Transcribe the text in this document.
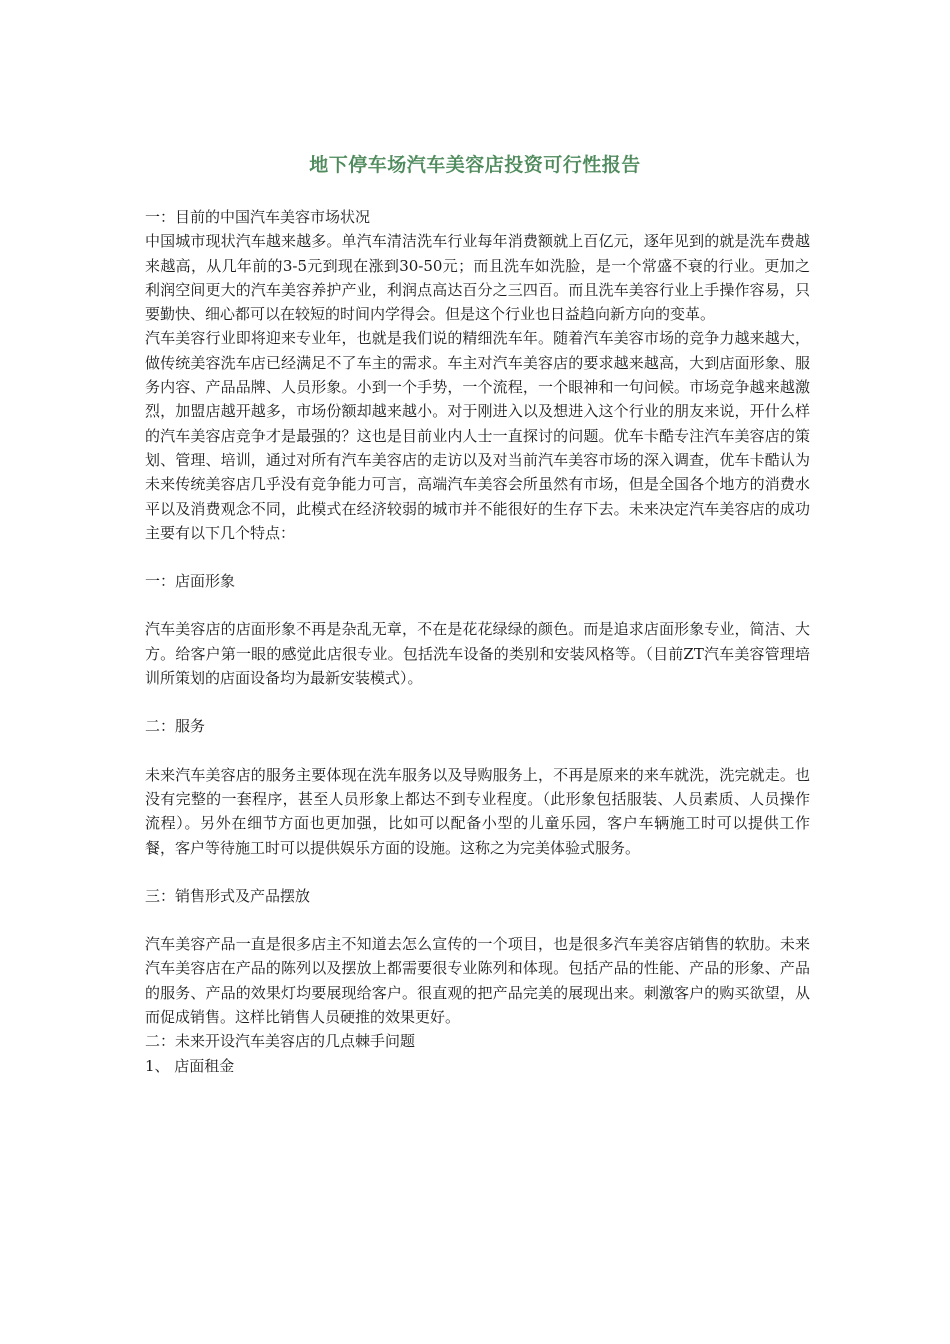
地下停车场汽车美容店投资可行性报告

一：目前的中国汽车美容市场状况

中国城市现状汽车越来越多。单汽车清洁洗车行业每年消费额就上百亿元，逐年见到的就是洗车费越来越高，从几年前的3-5元到现在涨到30-50元；而且洗车如洗脸，是一个常盛不衰的行业。更加之利润空间更大的汽车美容养护产业，利润点高达百分之三四百。而且洗车美容行业上手操作容易，只要勤快、细心都可以在较短的时间内学得会。但是这个行业也日益趋向新方向的变革。

汽车美容行业即将迎来专业年，也就是我们说的精细洗车年。随着汽车美容市场的竞争力越来越大，做传统美容洗车店已经满足不了车主的需求。车主对汽车美容店的要求越来越高，大到店面形象、服务内容、产品品牌、人员形象。小到一个手势，一个流程，一个眼神和一句问候。市场竞争越来越激烈，加盟店越开越多，市场份额却越来越小。对于刚进入以及想进入这个行业的朋友来说，开什么样的汽车美容店竞争才是最强的？这也是目前业内人士一直探讨的问题。优车卡酷专注汽车美容店的策划、管理、培训，通过对所有汽车美容店的走访以及对当前汽车美容市场的深入调查，优车卡酷认为未来传统美容店几乎没有竞争能力可言，高端汽车美容会所虽然有市场，但是全国各个地方的消费水平以及消费观念不同，此模式在经济较弱的城市并不能很好的生存下去。未来决定汽车美容店的成功主要有以下几个特点：

一：店面形象

汽车美容店的店面形象不再是杂乱无章，不在是花花绿绿的颜色。而是追求店面形象专业，简洁、大方。给客户第一眼的感觉此店很专业。包括洗车设备的类别和安装风格等。（目前ZT汽车美容管理培训所策划的店面设备均为最新安装模式）。

二：服务

未来汽车美容店的服务主要体现在洗车服务以及导购服务上，不再是原来的来车就洗，洗完就走。也没有完整的一套程序，甚至人员形象上都达不到专业程度。（此形象包括服装、人员素质、人员操作流程）。另外在细节方面也更加强，比如可以配备小型的儿童乐园，客户车辆施工时可以提供工作餐，客户等待施工时可以提供娱乐方面的设施。这称之为完美体验式服务。

三：销售形式及产品摆放

汽车美容产品一直是很多店主不知道去怎么宣传的一个项目，也是很多汽车美容店销售的软肋。未来汽车美容店在产品的陈列以及摆放上都需要很专业陈列和体现。包括产品的性能、产品的形象、产品的服务、产品的效果灯均要展现给客户。很直观的把产品完美的展现出来。刺激客户的购买欲望，从而促成销售。这样比销售人员硬推的效果更好。

二：未来开设汽车美容店的几点棘手问题

1、 店面租金
